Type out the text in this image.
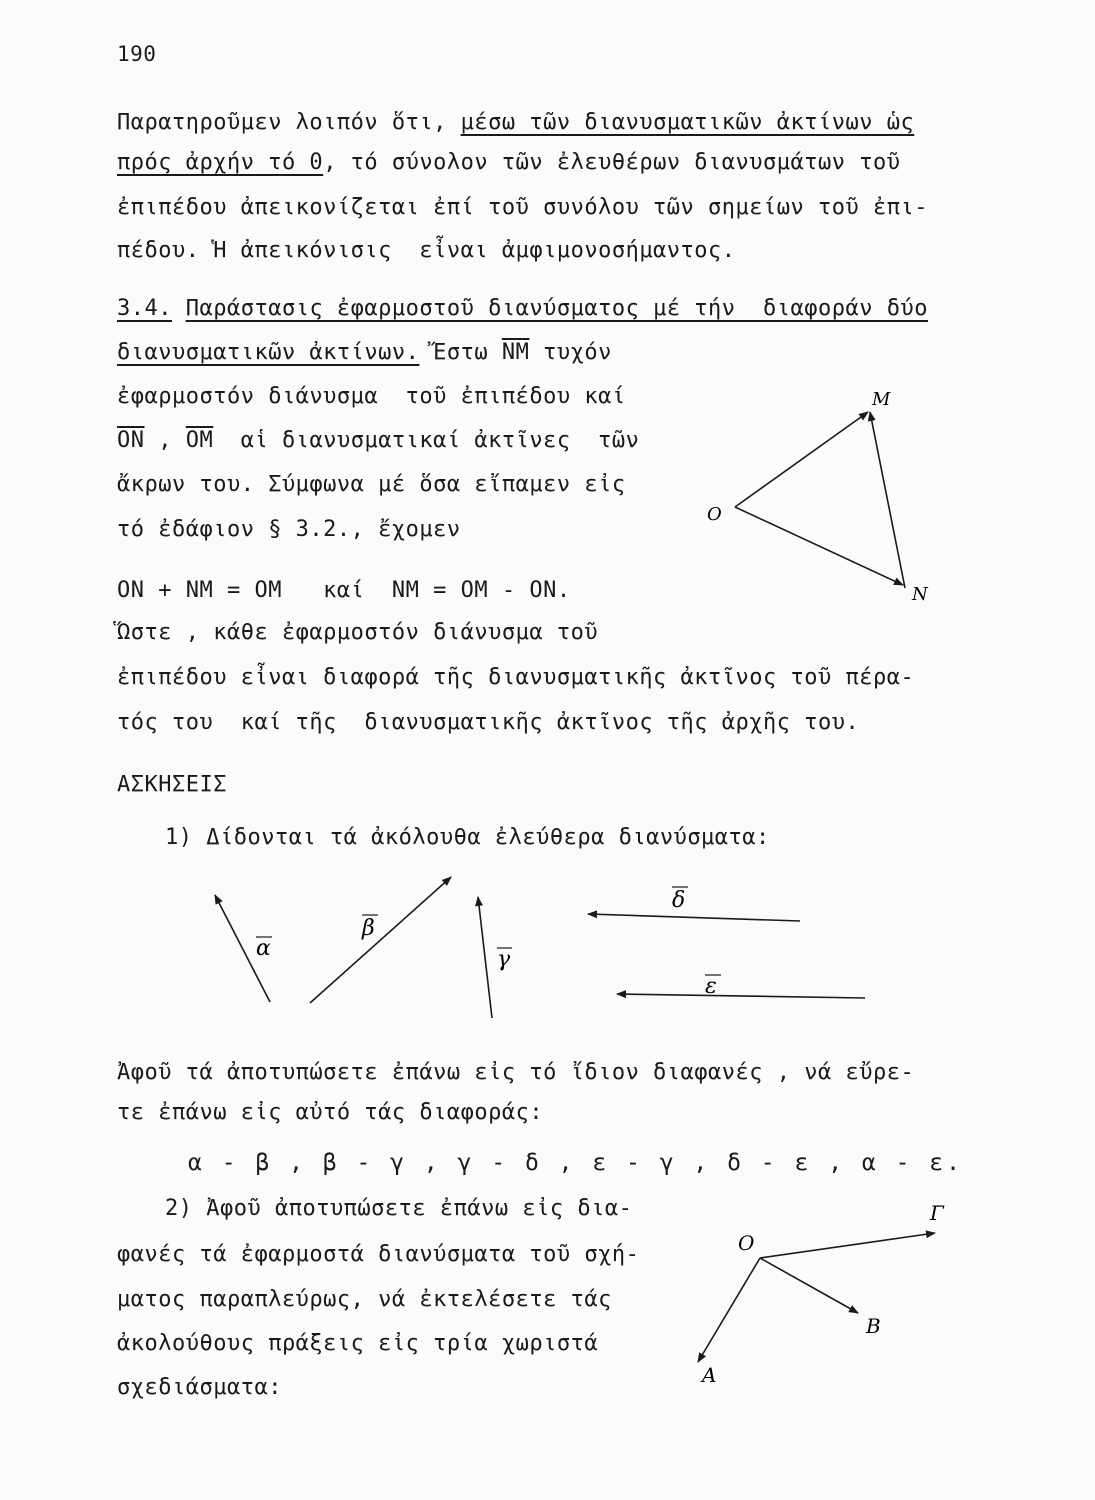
190
Παρατηροῦμεν λοιπόν ὅτι, μέσω τῶν διανυσματικῶν ἀκτίνων ὡς
πρός ἀρχήν τό 0, τό σύνολον τῶν ἐλευθέρων διανυσμάτων τοῦ
ἐπιπέδου ἀπεικονίζεται ἐπί τοῦ συνόλου τῶν σημείων τοῦ ἐπι-
πέδου. Ἡ ἀπεικόνισις  εἶναι ἀμφιμονοσήμαντος.
3.4. Παράστασις ἐφαρμοστοῦ διανύσματος μέ τήν  διαφοράν δύο
διανυσματικῶν ἀκτίνων. Ἔστω $\overline{NM}$ τυχόν
ἐφαρμοστόν διάνυσμα  τοῦ ἐπιπέδου καί
$\overline{ON}$ , $\overline{OM}$  αἱ διανυσματικαί ἀκτῖνες  τῶν
ἄκρων του. Σύμφωνα μέ ὅσα εἴπαμεν εἰς
τό ἐδάφιον § 3.2., ἔχομεν
ON + NM = OM   καί  NM = OM - ON.
Ὥστε , κάθε ἐφαρμοστόν διάνυσμα τοῦ
ἐπιπέδου εἶναι διαφορά τῆς διανυσματικῆς ἀκτῖνος τοῦ πέρα-
τός του  καί τῆς  διανυσματικῆς ἀκτῖνος τῆς ἀρχῆς του.
ΑΣΚΗΣΕΙΣ
1) Δίδονται τά ἀκόλουθα ἐλεύθερα διανύσματα:
Ἀφοῦ τά ἀποτυπώσετε ἐπάνω εἰς τό ἴδιον διαφανές , νά εὔρε-
τε ἐπάνω εἰς αὐτό τάς διαφοράς:
α - β , β - γ , γ - δ , ε - γ , δ - ε , α - ε.
2) Ἀφοῦ ἀποτυπώσετε ἐπάνω εἰς δια-
φανές τά ἐφαρμοστά διανύσματα τοῦ σχή-
ματος παραπλεύρως, νά ἐκτελέσετε τάς
ἀκολούθους πράξεις εἰς τρία χωριστά
σχεδιάσματα:
M
O
N
α
β
γ
δ
ε
O
Γ
B
A
